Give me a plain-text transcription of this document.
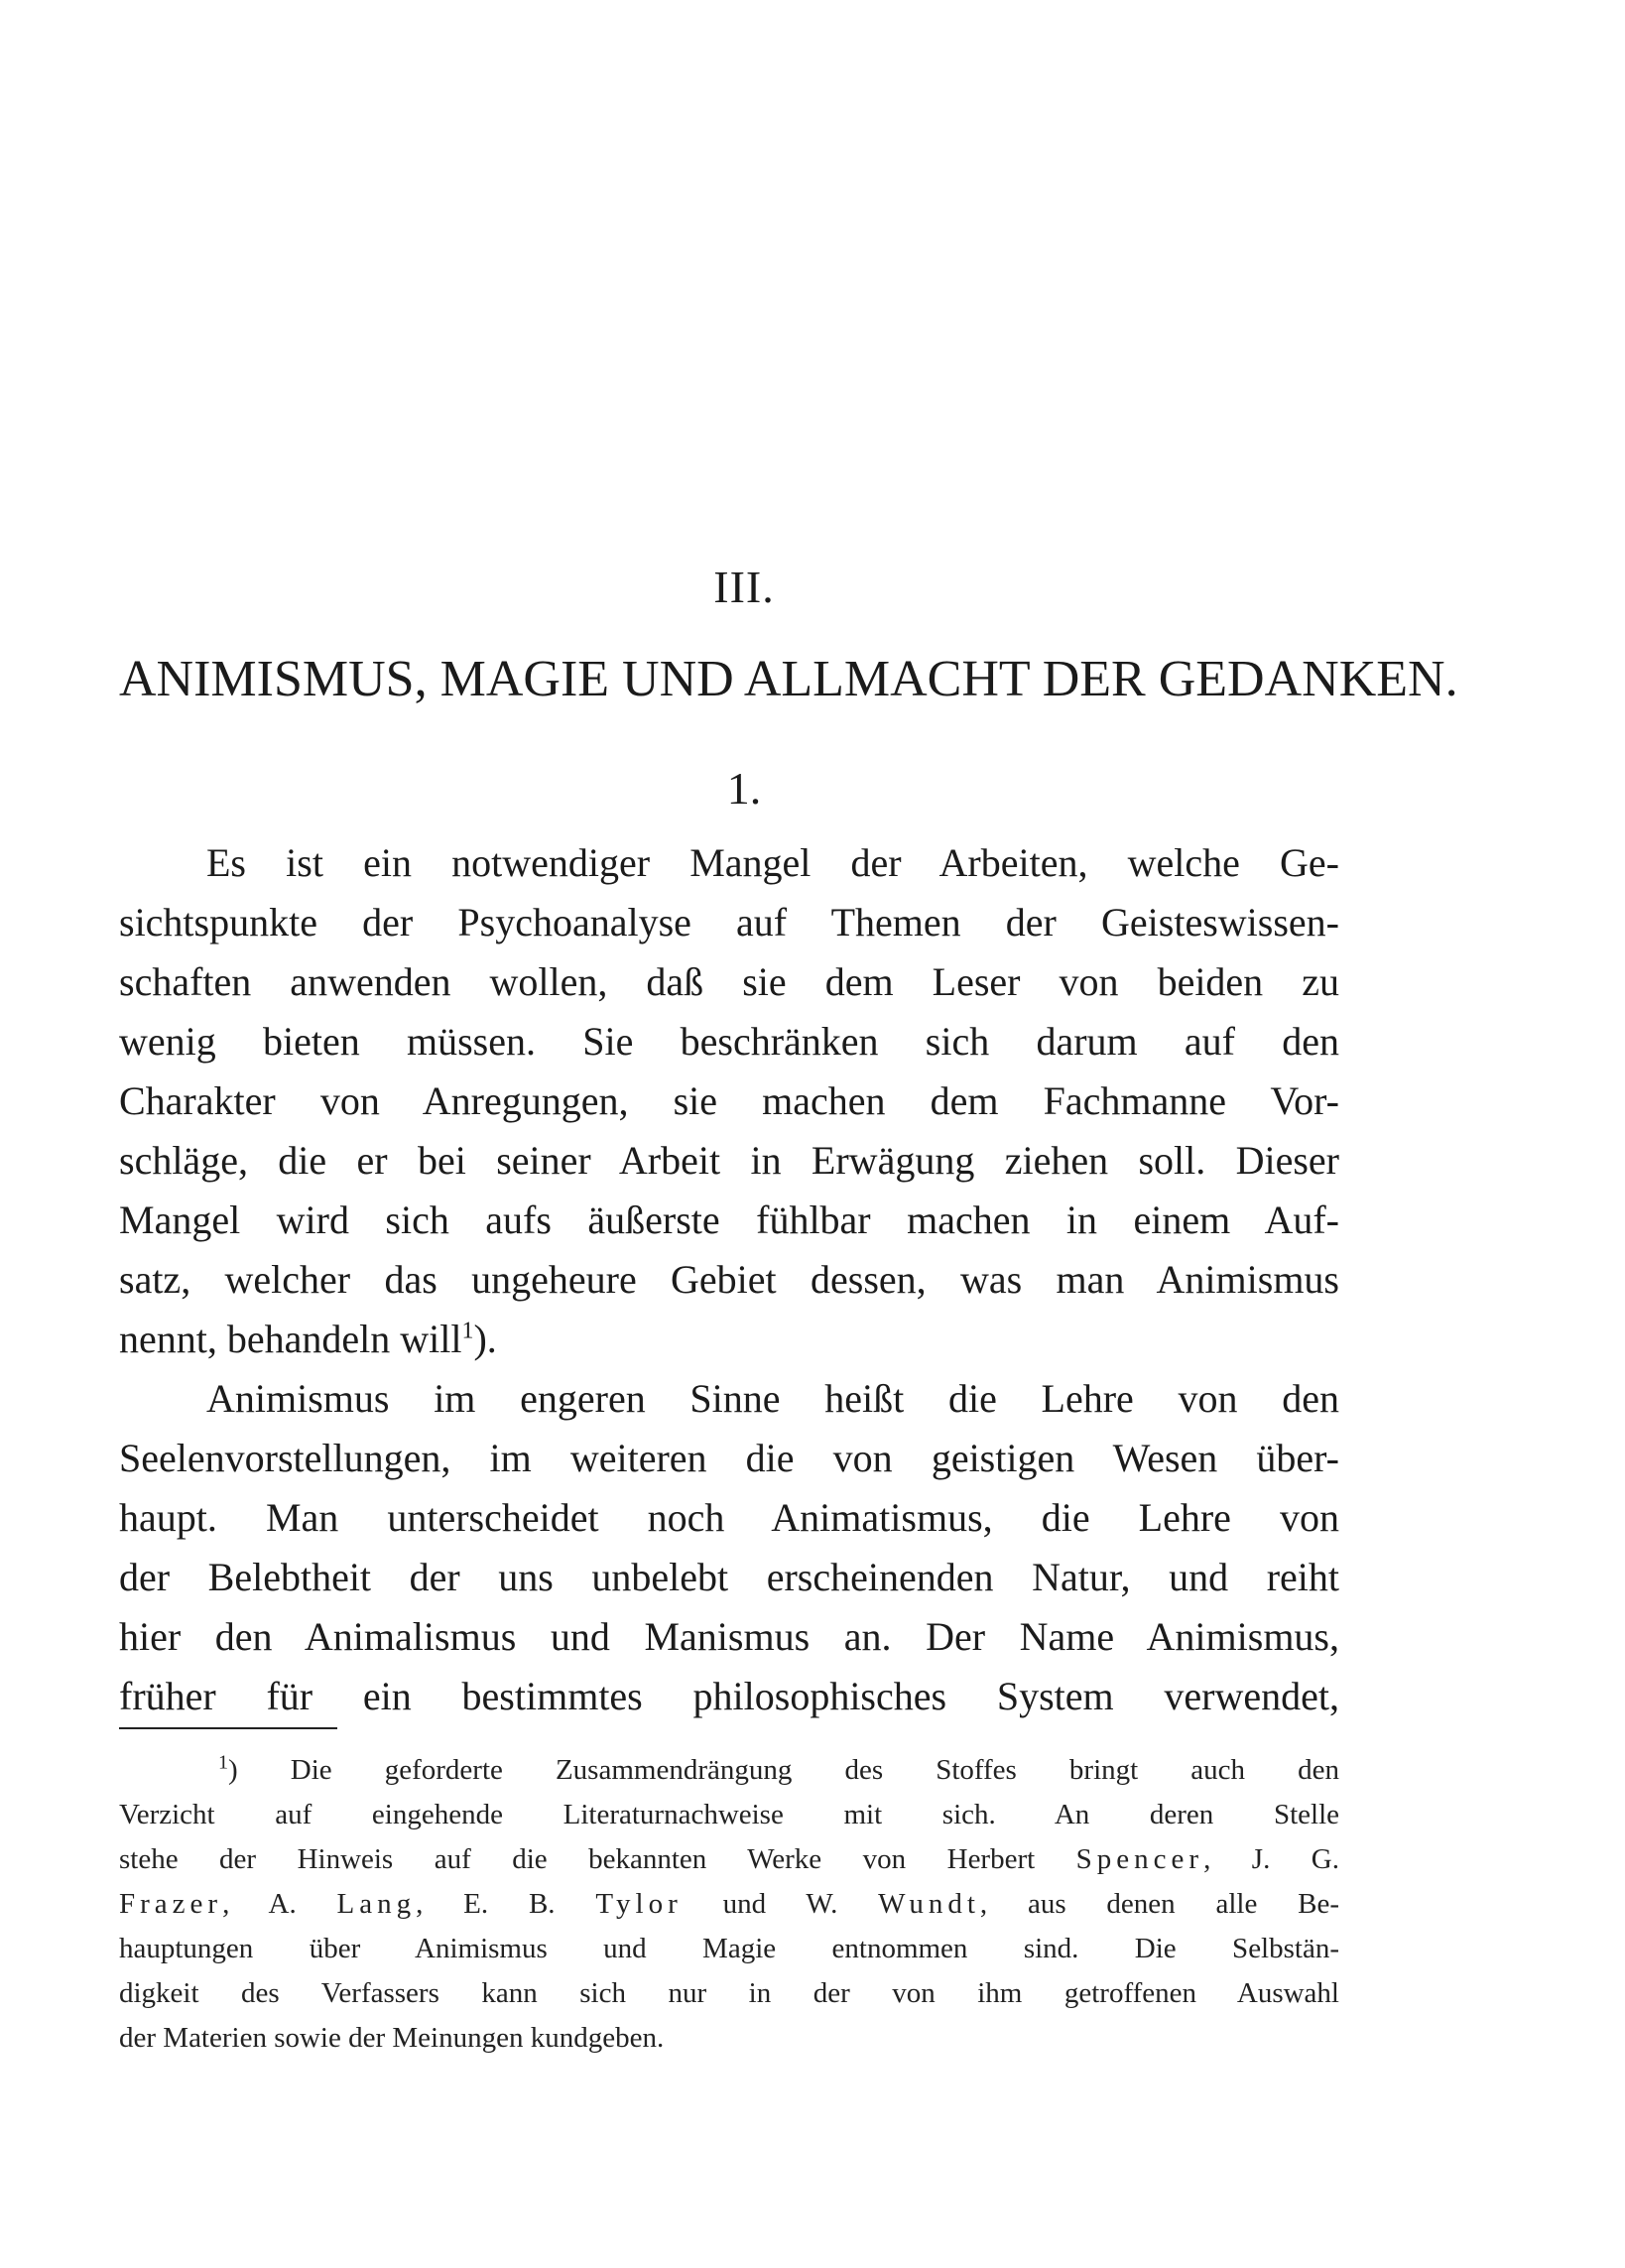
III.
ANIMISMUS, MAGIE UND ALLMACHT DER GEDANKEN.
1.
Es ist ein notwendiger Mangel der Arbeiten, welche Ge-
sichtspunkte der Psychoanalyse auf Themen der Geisteswissen-
schaften anwenden wollen, daß sie dem Leser von beiden zu
wenig bieten müssen. Sie beschränken sich darum auf den
Charakter von Anregungen, sie machen dem Fachmanne Vor-
schläge, die er bei seiner Arbeit in Erwägung ziehen soll. Dieser
Mangel wird sich aufs äußerste fühlbar machen in einem Auf-
satz, welcher das ungeheure Gebiet dessen, was man Animismus
nennt, behandeln will$^1$).
Animismus im engeren Sinne heißt die Lehre von den
Seelenvorstellungen, im weiteren die von geistigen Wesen über-
haupt. Man unterscheidet noch Animatismus, die Lehre von
der Belebtheit der uns unbelebt erscheinenden Natur, und reiht
hier den Animalismus und Manismus an. Der Name Animismus,
früher für ein bestimmtes philosophisches System verwendet,
$^1$) Die geforderte Zusammendrängung des Stoffes bringt auch den
Verzicht auf eingehende Literaturnachweise mit sich. An deren Stelle
stehe der Hinweis auf die bekannten Werke von Herbert Spencer, J. G.
Frazer, A. Lang, E. B. Tylor und W. Wundt, aus denen alle Be-
hauptungen über Animismus und Magie entnommen sind. Die Selbstän-
digkeit des Verfassers kann sich nur in der von ihm getroffenen Auswahl
der Materien sowie der Meinungen kundgeben.
